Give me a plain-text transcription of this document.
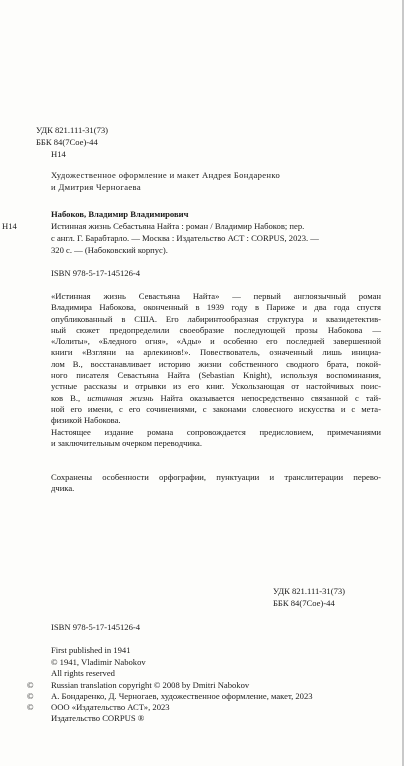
УДК 821.111-31(73)
ББК 84(7Сое)-44
Н14
Художественное оформление и макет Андрея Бондаренко
и Дмитрия Черногаева
Н14
Набоков, Владимир Владимирович
Истинная жизнь Себастьяна Найта : роман / Владимир Набоков; пер.
с англ. Г. Барабтарло. — Москва : Издательство АСТ : CORPUS, 2023. —
320 с. — (Набоковский корпус).
ISBN 978-5-17-145126-4
«Истинная жизнь Севастьяна Найта» — первый англоязычный роман
Владимира Набокова, оконченный в 1939 году в Париже и два года спустя
опубликованный в США. Его лабиринтообразная структура и квазидетектив-
ный сюжет предопределили своеобразие последующей прозы Набокова —
«Лолиты», «Бледного огня», «Ады» и особенно его последней завершенной
книги «Взгляни на арлекинов!». Повествователь, означенный лишь инициа-
лом В., восстанавливает историю жизни собственного сводного брата, покой-
ного писателя Севастьяна Найта (Sebastian Knight), используя воспоминания,
устные рассказы и отрывки из его книг. Ускользающая от настойчивых поис-
ков В., истинная жизнь Найта оказывается непосредственно связанной с тай-
ной его имени, с его сочинениями, с законами словесного искусства и с мета-
физикой Набокова.
Настоящее издание романа сопровождается предисловием, примечаниями
и заключительным очерком переводчика.
Сохранены особенности орфографии, пунктуации и транслитерации перево-
дчика.
УДК 821.111-31(73)
ББК 84(7Сое)-44
ISBN 978-5-17-145126-4
First published in 1941
© 1941, Vladimir Nabokov
All rights reserved
© Russian translation copyright © 2008 by Dmitri Nabokov
© А. Бондаренко, Д. Черногаев, художественное оформление, макет, 2023
© ООО «Издательство АСТ», 2023
Издательство CORPUS ®
